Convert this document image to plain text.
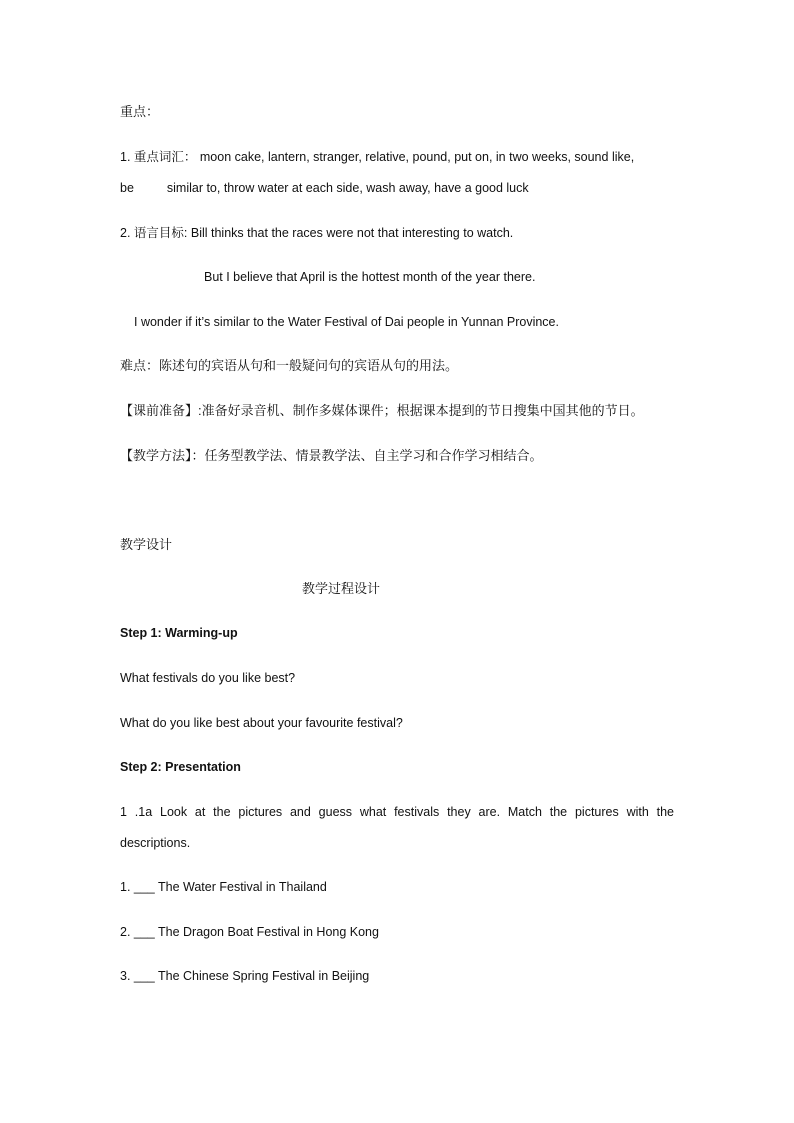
重点：
1. 重点词汇： moon cake, lantern, stranger, relative, pound, put on, in two weeks, sound like,
be	similar to, throw water at each side, wash away, have a good luck
2. 语言目标: Bill thinks that the races were not that interesting to watch.
But I believe that April is the hottest month of the year there.
I wonder if it’s similar to the Water Festival of Dai people in Yunnan Province.
难点：陈述句的宾语从句和一般疑问句的宾语从句的用法。
【课前准备】:准备好录音机、制作多媒体课件；根据课本提到的节日搜集中国其他的节日。
【教学方法】：任务型教学法、情景教学法、自主学习和合作学习相结合。
教学设计
教学过程设计
Step 1: Warming-up
What festivals do you like best?
What do you like best about your favourite festival?
Step 2: Presentation
1 .1a Look at the pictures and guess what festivals they are. Match the pictures with the
descriptions.
1. ___ The Water Festival in Thailand
2. ___ The Dragon Boat Festival in Hong Kong
3. ___ The Chinese Spring Festival in Beijing
